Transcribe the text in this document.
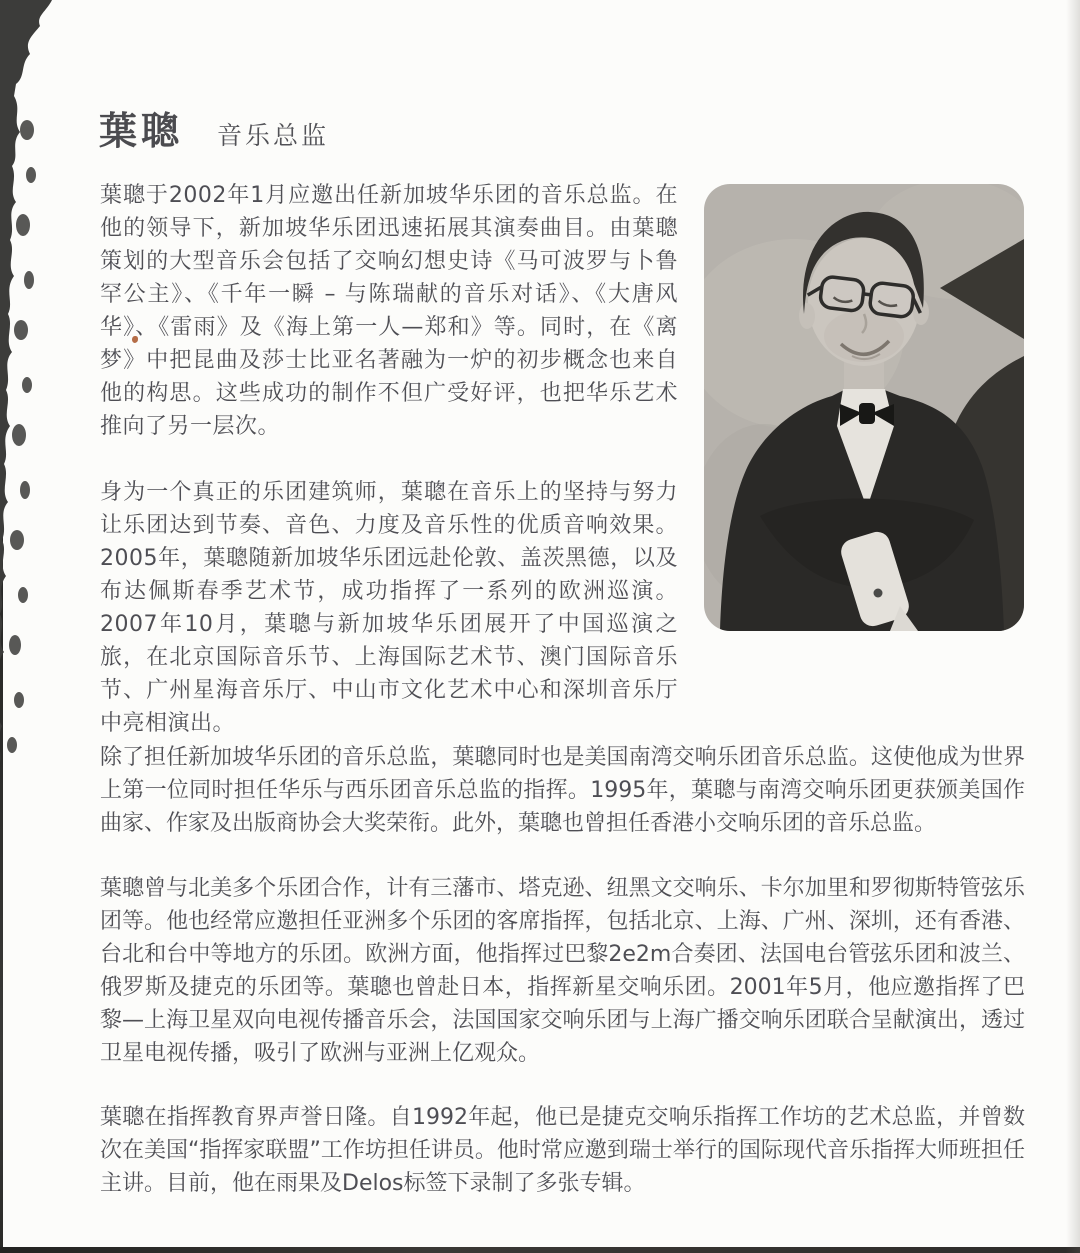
葉聰 音乐总监

葉聰于2002年1月应邀出任新加坡华乐团的音乐总监。在他的领导下，新加坡华乐团迅速拓展其演奏曲目。由葉聰策划的大型音乐会包括了交响幻想史诗《马可波罗与卜鲁罕公主》、《千年一瞬 – 与陈瑞献的音乐对话》、《大唐风华》、《雷雨》及《海上第一人—郑和》等。同时，在《离梦》中把昆曲及莎士比亚名著融为一炉的初步概念也来自他的构思。这些成功的制作不但广受好评，也把华乐艺术推向了另一层次。

身为一个真正的乐团建筑师，葉聰在音乐上的坚持与努力让乐团达到节奏、音色、力度及音乐性的优质音响效果。2005年，葉聰随新加坡华乐团远赴伦敦、盖茨黑德，以及布达佩斯春季艺术节，成功指挥了一系列的欧洲巡演。2007年10月，葉聰与新加坡华乐团展开了中国巡演之旅，在北京国际音乐节、上海国际艺术节、澳门国际音乐节、广州星海音乐厅、中山市文化艺术中心和深圳音乐厅中亮相演出。

除了担任新加坡华乐团的音乐总监，葉聰同时也是美国南湾交响乐团音乐总监。这使他成为世界上第一位同时担任华乐与西乐团音乐总监的指挥。1995年，葉聰与南湾交响乐团更获颁美国作曲家、作家及出版商协会大奖荣衔。此外，葉聰也曾担任香港小交响乐团的音乐总监。

葉聰曾与北美多个乐团合作，计有三藩市、塔克逊、纽黑文交响乐、卡尔加里和罗彻斯特管弦乐团等。他也经常应邀担任亚洲多个乐团的客席指挥，包括北京、上海、广州、深圳，还有香港、台北和台中等地方的乐团。欧洲方面，他指挥过巴黎2e2m合奏团、法国电台管弦乐团和波兰、俄罗斯及捷克的乐团等。葉聰也曾赴日本，指挥新星交响乐团。2001年5月，他应邀指挥了巴黎—上海卫星双向电视传播音乐会，法国国家交响乐团与上海广播交响乐团联合呈献演出，透过卫星电视传播，吸引了欧洲与亚洲上亿观众。

葉聰在指挥教育界声誉日隆。自1992年起，他已是捷克交响乐指挥工作坊的艺术总监，并曾数次在美国“指挥家联盟”工作坊担任讲员。他时常应邀到瑞士举行的国际现代音乐指挥大师班担任主讲。目前，他在雨果及Delos标签下录制了多张专辑。
